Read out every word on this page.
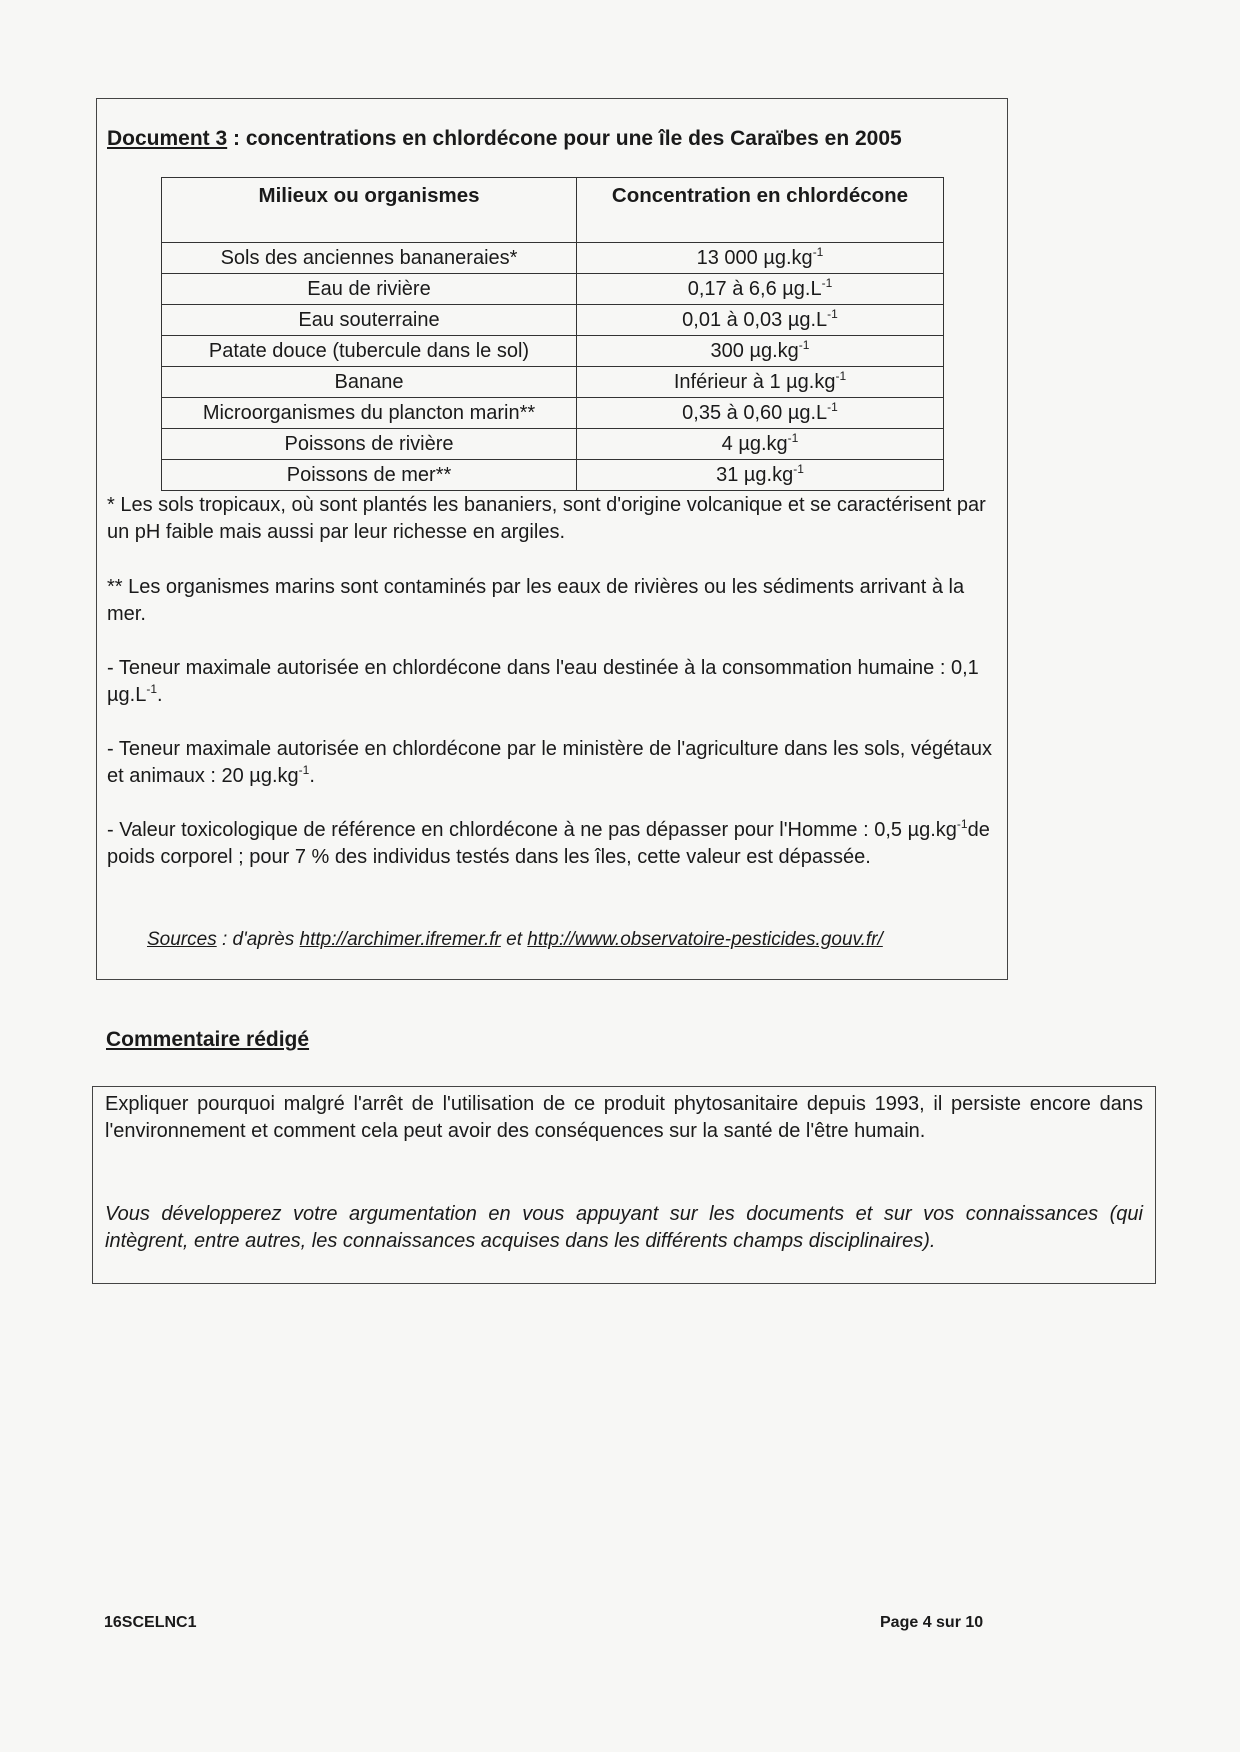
Document 3 : concentrations en chlordécone pour une île des Caraïbes en 2005
Milieux ou organismes	Concentration en chlordécone
Sols des anciennes bananeraies*	13 000 $\mu g.kg^{-1}$
Eau de rivière	0,17 à 6,6 $\mu g.L^{-1}$
Eau souterraine	0,01 à 0,03 $\mu g.L^{-1}$
Patate douce (tubercule dans le sol)	300 $\mu g.kg^{-1}$
Banane	Inférieur à 1 $\mu g.kg^{-1}$
Microorganismes du plancton marin**	0,35 à 0,60 $\mu g.L^{-1}$
Poissons de rivière	4 $\mu g.kg^{-1}$
Poissons de mer**	31 $\mu g.kg^{-1}$

* Les sols tropicaux, où sont plantés les bananiers, sont d'origine volcanique et se caractérisent par un pH faible mais aussi par leur richesse en argiles.

** Les organismes marins sont contaminés par les eaux de rivières ou les sédiments arrivant à la mer.

- Teneur maximale autorisée en chlordécone dans l'eau destinée à la consommation humaine : 0,1 $\mu g.L^{-1}$.

- Teneur maximale autorisée en chlordécone par le ministère de l'agriculture dans les sols, végétaux et animaux : 20 $\mu g.kg^{-1}$.

- Valeur toxicologique de référence en chlordécone à ne pas dépasser pour l'Homme : 0,5 $\mu g.kg^{-1}de$ poids corporel ; pour 7 % des individus testés dans les îles, cette valeur est dépassée.

Sources : d'après http://archimer.ifremer.fr et http://www.observatoire-pesticides.gouv.fr/
Commentaire rédigé

Expliquer pourquoi malgré l'arrêt de l'utilisation de ce produit phytosanitaire depuis 1993, il persiste encore dans l'environnement et comment cela peut avoir des conséquences sur la santé de l'être humain.

Vous développerez votre argumentation en vous appuyant sur les documents et sur vos connaissances (qui intègrent, entre autres, les connaissances acquises dans les différents champs disciplinaires).

16SCELNC1	Page 4 sur 10
